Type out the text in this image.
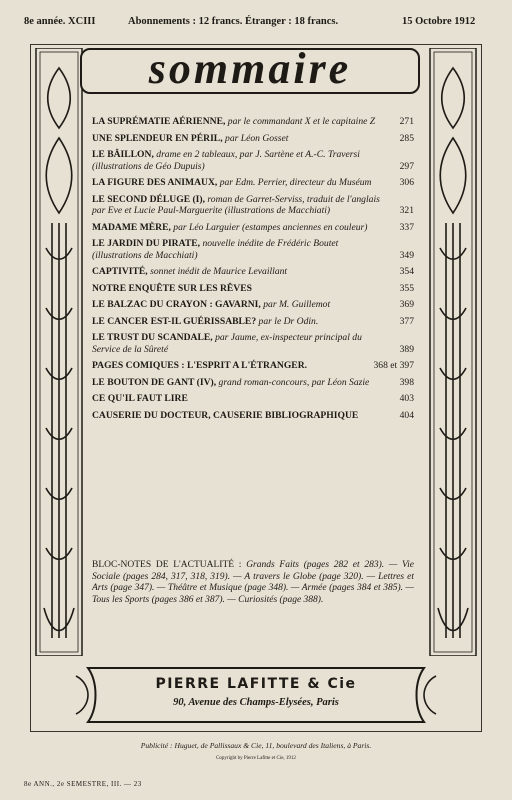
8e année. XCIII	Abonnements : 12 francs. Étranger : 18 francs.	15 Octobre 1912
sommaire
LA SUPRÉMATIE AÉRIENNE, par le commandant X et le capitaine Z	271
UNE SPLENDEUR EN PÉRIL, par Léon Gosset	285
LE BÂILLON, drame en 2 tableaux, par J. Sartène et A.-C. Traversi (illustrations de Géo Dupuis)	297
LA FIGURE DES ANIMAUX, par Edm. Perrier, directeur du Muséum	306
LE SECOND DÉLUGE (I), roman de Garret-Serviss, traduit de l'anglais par Eve et Lucie Paul-Marguerite (illustrations de Macchiati)	321
MADAME MÈRE, par Léo Larguier (estampes anciennes en couleur)	337
LE JARDIN DU PIRATE, nouvelle inédite de Frédéric Boutet (illustrations de Macchiati)	349
CAPTIVITÉ, sonnet inédit de Maurice Levaillant	354
NOTRE ENQUÊTE SUR LES RÊVES	355
LE BALZAC DU CRAYON : GAVARNI, par M. Guillemot	369
LE CANCER EST-IL GUÉRISSABLE? par le Dr Odin.	377
LE TRUST DU SCANDALE, par Jaume, ex-inspecteur principal du Service de la Sûreté	389
PAGES COMIQUES : L'ESPRIT A L'ÉTRANGER.	368 et 397
LE BOUTON DE GANT (IV), grand roman-concours, par Léon Sazie	398
CE QU'IL FAUT LIRE	403
CAUSERIE DU DOCTEUR, CAUSERIE BIBLIOGRAPHIQUE	404
BLOC-NOTES DE L'ACTUALITÉ : Grands Faits (pages 282 et 283). — Vie Sociale (pages 284, 317, 318, 319). — A travers le Globe (page 320). — Lettres et Arts (page 347). — Théâtre et Musique (page 348). — Armée (pages 384 et 385). — Tous les Sports (pages 386 et 387). — Curiosités (page 388).
PIERRE LAFITTE & Cie
90, Avenue des Champs-Elysées, Paris
Publicité : Huguet, de Pallissaux & Cie, 11, boulevard des Italiens, à Paris.
Copyright by Pierre Lafitte et Cie, 1912
8e ANN., 2e SEMESTRE, III. — 23
